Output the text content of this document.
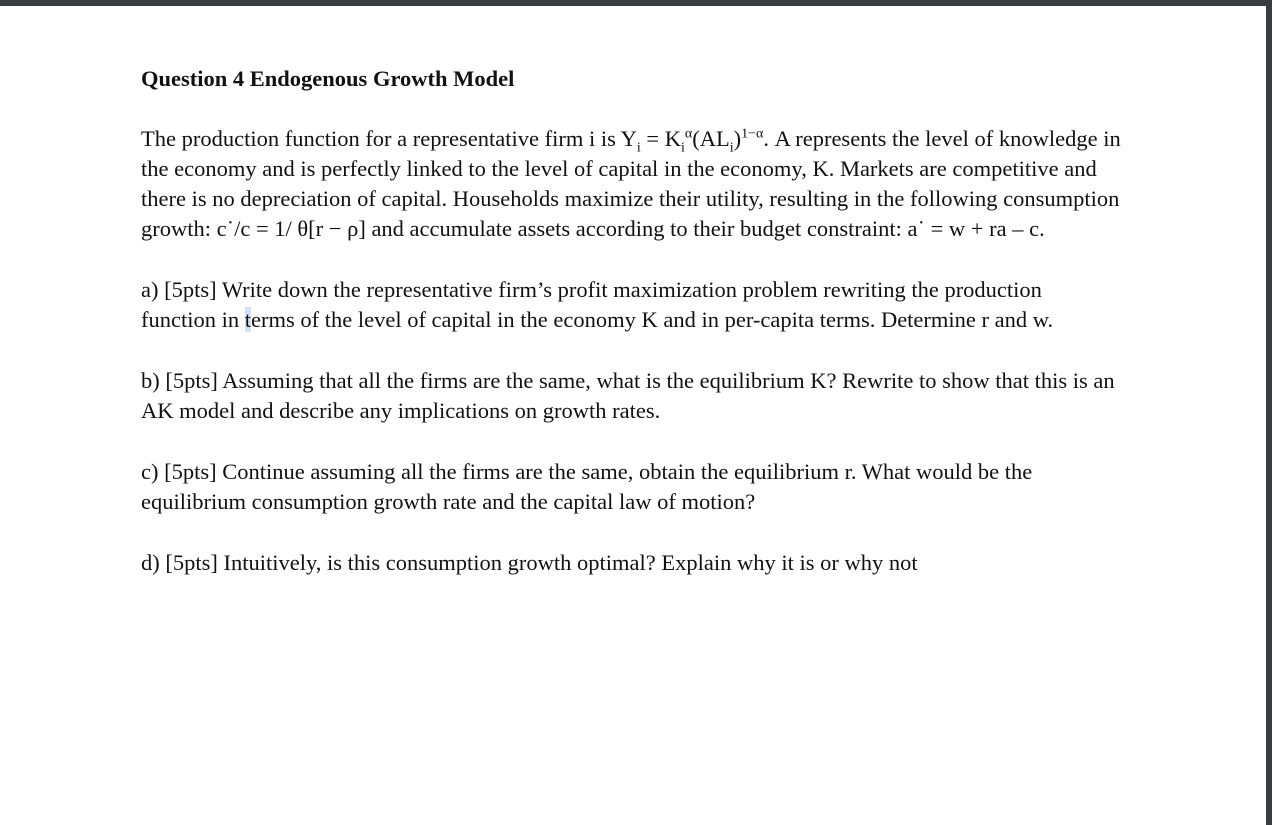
Question 4 Endogenous Growth Model

The production function for a representative firm i is $Y_i = K_i^\alpha(AL_i)^{1-\alpha}$. A represents the level of knowledge in the economy and is perfectly linked to the level of capital in the economy, K. Markets are competitive and there is no depreciation of capital. Households maximize their utility, resulting in the following consumption growth: c˙/c = 1/ θ[r − ρ] and accumulate assets according to their budget constraint: a˙ = w + ra – c.

a) [5pts] Write down the representative firm’s profit maximization problem rewriting the production function in terms of the level of capital in the economy K and in per-capita terms. Determine r and w.

b) [5pts] Assuming that all the firms are the same, what is the equilibrium K? Rewrite to show that this is an AK model and describe any implications on growth rates.

c) [5pts] Continue assuming all the firms are the same, obtain the equilibrium r. What would be the equilibrium consumption growth rate and the capital law of motion?

d) [5pts] Intuitively, is this consumption growth optimal? Explain why it is or why not
